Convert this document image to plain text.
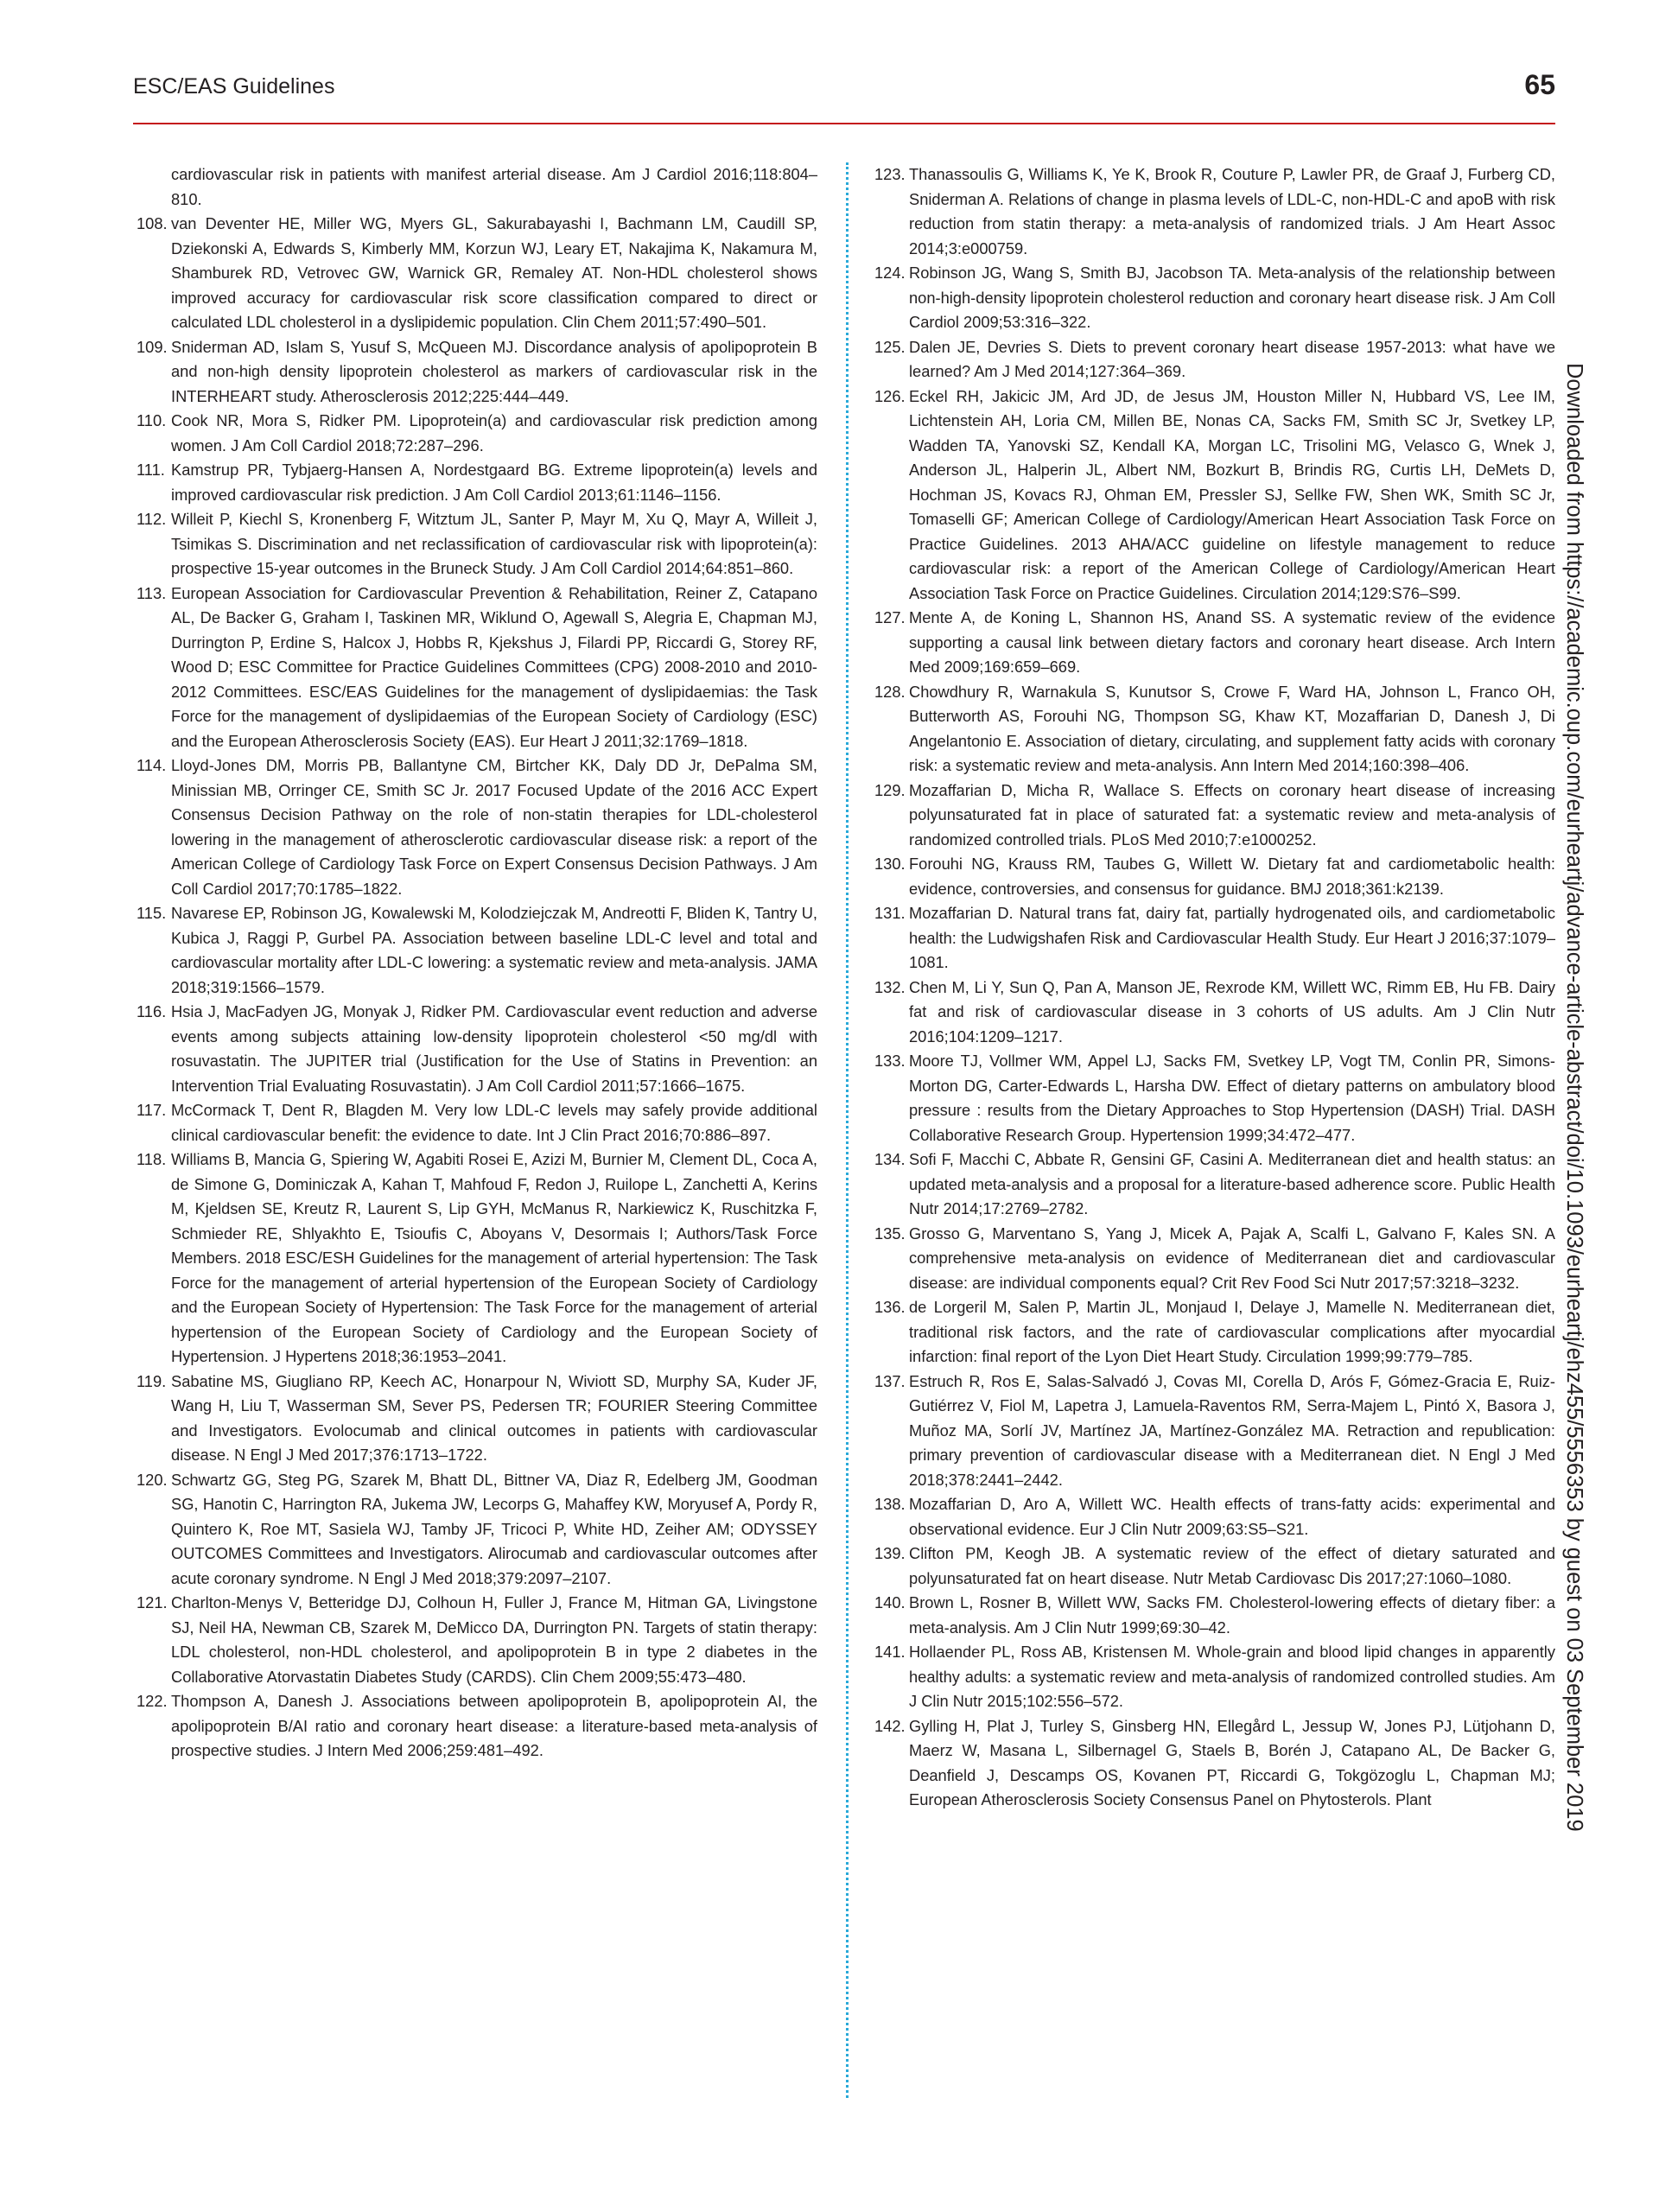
ESC/EAS Guidelines	65
cardiovascular risk in patients with manifest arterial disease. Am J Cardiol 2016;118:804–810.
108. van Deventer HE, Miller WG, Myers GL, Sakurabayashi I, Bachmann LM, Caudill SP, Dziekonski A, Edwards S, Kimberly MM, Korzun WJ, Leary ET, Nakajima K, Nakamura M, Shamburek RD, Vetrovec GW, Warnick GR, Remaley AT. Non-HDL cholesterol shows improved accuracy for cardiovascular risk score classification compared to direct or calculated LDL cholesterol in a dyslipidemic population. Clin Chem 2011;57:490–501.
109. Sniderman AD, Islam S, Yusuf S, McQueen MJ. Discordance analysis of apolipoprotein B and non-high density lipoprotein cholesterol as markers of cardiovascular risk in the INTERHEART study. Atherosclerosis 2012;225:444–449.
110. Cook NR, Mora S, Ridker PM. Lipoprotein(a) and cardiovascular risk prediction among women. J Am Coll Cardiol 2018;72:287–296.
111. Kamstrup PR, Tybjaerg-Hansen A, Nordestgaard BG. Extreme lipoprotein(a) levels and improved cardiovascular risk prediction. J Am Coll Cardiol 2013;61:1146–1156.
112. Willeit P, Kiechl S, Kronenberg F, Witztum JL, Santer P, Mayr M, Xu Q, Mayr A, Willeit J, Tsimikas S. Discrimination and net reclassification of cardiovascular risk with lipoprotein(a): prospective 15-year outcomes in the Bruneck Study. J Am Coll Cardiol 2014;64:851–860.
113. European Association for Cardiovascular Prevention & Rehabilitation, Reiner Z, Catapano AL, De Backer G, Graham I, Taskinen MR, Wiklund O, Agewall S, Alegria E, Chapman MJ, Durrington P, Erdine S, Halcox J, Hobbs R, Kjekshus J, Filardi PP, Riccardi G, Storey RF, Wood D; ESC Committee for Practice Guidelines Committees (CPG) 2008-2010 and 2010-2012 Committees. ESC/EAS Guidelines for the management of dyslipidaemias: the Task Force for the management of dyslipidaemias of the European Society of Cardiology (ESC) and the European Atherosclerosis Society (EAS). Eur Heart J 2011;32:1769–1818.
114. Lloyd-Jones DM, Morris PB, Ballantyne CM, Birtcher KK, Daly DD Jr, DePalma SM, Minissian MB, Orringer CE, Smith SC Jr. 2017 Focused Update of the 2016 ACC Expert Consensus Decision Pathway on the role of non-statin therapies for LDL-cholesterol lowering in the management of atherosclerotic cardiovascular disease risk: a report of the American College of Cardiology Task Force on Expert Consensus Decision Pathways. J Am Coll Cardiol 2017;70:1785–1822.
115. Navarese EP, Robinson JG, Kowalewski M, Kolodziejczak M, Andreotti F, Bliden K, Tantry U, Kubica J, Raggi P, Gurbel PA. Association between baseline LDL-C level and total and cardiovascular mortality after LDL-C lowering: a systematic review and meta-analysis. JAMA 2018;319:1566–1579.
116. Hsia J, MacFadyen JG, Monyak J, Ridker PM. Cardiovascular event reduction and adverse events among subjects attaining low-density lipoprotein cholesterol <50 mg/dl with rosuvastatin. The JUPITER trial (Justification for the Use of Statins in Prevention: an Intervention Trial Evaluating Rosuvastatin). J Am Coll Cardiol 2011;57:1666–1675.
117. McCormack T, Dent R, Blagden M. Very low LDL-C levels may safely provide additional clinical cardiovascular benefit: the evidence to date. Int J Clin Pract 2016;70:886–897.
118. Williams B, Mancia G, Spiering W, Agabiti Rosei E, Azizi M, Burnier M, Clement DL, Coca A, de Simone G, Dominiczak A, Kahan T, Mahfoud F, Redon J, Ruilope L, Zanchetti A, Kerins M, Kjeldsen SE, Kreutz R, Laurent S, Lip GYH, McManus R, Narkiewicz K, Ruschitzka F, Schmieder RE, Shlyakhto E, Tsioufis C, Aboyans V, Desormais I; Authors/Task Force Members. 2018 ESC/ESH Guidelines for the management of arterial hypertension: The Task Force for the management of arterial hypertension of the European Society of Cardiology and the European Society of Hypertension: The Task Force for the management of arterial hypertension of the European Society of Cardiology and the European Society of Hypertension. J Hypertens 2018;36:1953–2041.
119. Sabatine MS, Giugliano RP, Keech AC, Honarpour N, Wiviott SD, Murphy SA, Kuder JF, Wang H, Liu T, Wasserman SM, Sever PS, Pedersen TR; FOURIER Steering Committee and Investigators. Evolocumab and clinical outcomes in patients with cardiovascular disease. N Engl J Med 2017;376:1713–1722.
120. Schwartz GG, Steg PG, Szarek M, Bhatt DL, Bittner VA, Diaz R, Edelberg JM, Goodman SG, Hanotin C, Harrington RA, Jukema JW, Lecorps G, Mahaffey KW, Moryusef A, Pordy R, Quintero K, Roe MT, Sasiela WJ, Tamby JF, Tricoci P, White HD, Zeiher AM; ODYSSEY OUTCOMES Committees and Investigators. Alirocumab and cardiovascular outcomes after acute coronary syndrome. N Engl J Med 2018;379:2097–2107.
121. Charlton-Menys V, Betteridge DJ, Colhoun H, Fuller J, France M, Hitman GA, Livingstone SJ, Neil HA, Newman CB, Szarek M, DeMicco DA, Durrington PN. Targets of statin therapy: LDL cholesterol, non-HDL cholesterol, and apolipoprotein B in type 2 diabetes in the Collaborative Atorvastatin Diabetes Study (CARDS). Clin Chem 2009;55:473–480.
122. Thompson A, Danesh J. Associations between apolipoprotein B, apolipoprotein AI, the apolipoprotein B/AI ratio and coronary heart disease: a literature-based meta-analysis of prospective studies. J Intern Med 2006;259:481–492.
123. Thanassoulis G, Williams K, Ye K, Brook R, Couture P, Lawler PR, de Graaf J, Furberg CD, Sniderman A. Relations of change in plasma levels of LDL-C, non-HDL-C and apoB with risk reduction from statin therapy: a meta-analysis of randomized trials. J Am Heart Assoc 2014;3:e000759.
124. Robinson JG, Wang S, Smith BJ, Jacobson TA. Meta-analysis of the relationship between non-high-density lipoprotein cholesterol reduction and coronary heart disease risk. J Am Coll Cardiol 2009;53:316–322.
125. Dalen JE, Devries S. Diets to prevent coronary heart disease 1957-2013: what have we learned? Am J Med 2014;127:364–369.
126. Eckel RH, Jakicic JM, Ard JD, de Jesus JM, Houston Miller N, Hubbard VS, Lee IM, Lichtenstein AH, Loria CM, Millen BE, Nonas CA, Sacks FM, Smith SC Jr, Svetkey LP, Wadden TA, Yanovski SZ, Kendall KA, Morgan LC, Trisolini MG, Velasco G, Wnek J, Anderson JL, Halperin JL, Albert NM, Bozkurt B, Brindis RG, Curtis LH, DeMets D, Hochman JS, Kovacs RJ, Ohman EM, Pressler SJ, Sellke FW, Shen WK, Smith SC Jr, Tomaselli GF; American College of Cardiology/American Heart Association Task Force on Practice Guidelines. 2013 AHA/ACC guideline on lifestyle management to reduce cardiovascular risk: a report of the American College of Cardiology/American Heart Association Task Force on Practice Guidelines. Circulation 2014;129:S76–S99.
127. Mente A, de Koning L, Shannon HS, Anand SS. A systematic review of the evidence supporting a causal link between dietary factors and coronary heart disease. Arch Intern Med 2009;169:659–669.
128. Chowdhury R, Warnakula S, Kunutsor S, Crowe F, Ward HA, Johnson L, Franco OH, Butterworth AS, Forouhi NG, Thompson SG, Khaw KT, Mozaffarian D, Danesh J, Di Angelantonio E. Association of dietary, circulating, and supplement fatty acids with coronary risk: a systematic review and meta-analysis. Ann Intern Med 2014;160:398–406.
129. Mozaffarian D, Micha R, Wallace S. Effects on coronary heart disease of increasing polyunsaturated fat in place of saturated fat: a systematic review and meta-analysis of randomized controlled trials. PLoS Med 2010;7:e1000252.
130. Forouhi NG, Krauss RM, Taubes G, Willett W. Dietary fat and cardiometabolic health: evidence, controversies, and consensus for guidance. BMJ 2018;361:k2139.
131. Mozaffarian D. Natural trans fat, dairy fat, partially hydrogenated oils, and cardiometabolic health: the Ludwigshafen Risk and Cardiovascular Health Study. Eur Heart J 2016;37:1079–1081.
132. Chen M, Li Y, Sun Q, Pan A, Manson JE, Rexrode KM, Willett WC, Rimm EB, Hu FB. Dairy fat and risk of cardiovascular disease in 3 cohorts of US adults. Am J Clin Nutr 2016;104:1209–1217.
133. Moore TJ, Vollmer WM, Appel LJ, Sacks FM, Svetkey LP, Vogt TM, Conlin PR, Simons-Morton DG, Carter-Edwards L, Harsha DW. Effect of dietary patterns on ambulatory blood pressure : results from the Dietary Approaches to Stop Hypertension (DASH) Trial. DASH Collaborative Research Group. Hypertension 1999;34:472–477.
134. Sofi F, Macchi C, Abbate R, Gensini GF, Casini A. Mediterranean diet and health status: an updated meta-analysis and a proposal for a literature-based adherence score. Public Health Nutr 2014;17:2769–2782.
135. Grosso G, Marventano S, Yang J, Micek A, Pajak A, Scalfi L, Galvano F, Kales SN. A comprehensive meta-analysis on evidence of Mediterranean diet and cardiovascular disease: are individual components equal? Crit Rev Food Sci Nutr 2017;57:3218–3232.
136. de Lorgeril M, Salen P, Martin JL, Monjaud I, Delaye J, Mamelle N. Mediterranean diet, traditional risk factors, and the rate of cardiovascular complications after myocardial infarction: final report of the Lyon Diet Heart Study. Circulation 1999;99:779–785.
137. Estruch R, Ros E, Salas-Salvadó J, Covas MI, Corella D, Arós F, Gómez-Gracia E, Ruiz-Gutiérrez V, Fiol M, Lapetra J, Lamuela-Raventos RM, Serra-Majem L, Pintó X, Basora J, Muñoz MA, Sorlí JV, Martínez JA, Martínez-González MA. Retraction and republication: primary prevention of cardiovascular disease with a Mediterranean diet. N Engl J Med 2018;378:2441–2442.
138. Mozaffarian D, Aro A, Willett WC. Health effects of trans-fatty acids: experimental and observational evidence. Eur J Clin Nutr 2009;63:S5–S21.
139. Clifton PM, Keogh JB. A systematic review of the effect of dietary saturated and polyunsaturated fat on heart disease. Nutr Metab Cardiovasc Dis 2017;27:1060–1080.
140. Brown L, Rosner B, Willett WW, Sacks FM. Cholesterol-lowering effects of dietary fiber: a meta-analysis. Am J Clin Nutr 1999;69:30–42.
141. Hollaender PL, Ross AB, Kristensen M. Whole-grain and blood lipid changes in apparently healthy adults: a systematic review and meta-analysis of randomized controlled studies. Am J Clin Nutr 2015;102:556–572.
142. Gylling H, Plat J, Turley S, Ginsberg HN, Ellegård L, Jessup W, Jones PJ, Lütjohann D, Maerz W, Masana L, Silbernagel G, Staels B, Borén J, Catapano AL, De Backer G, Deanfield J, Descamps OS, Kovanen PT, Riccardi G, Tokgözoglu L, Chapman MJ; European Atherosclerosis Society Consensus Panel on Phytosterols. Plant	Downloaded from https://academic.oup.com/eurheartj/advance-article-abstract/doi/10.1093/eurheartj/ehz455/5556353 by guest on 03 September 2019
